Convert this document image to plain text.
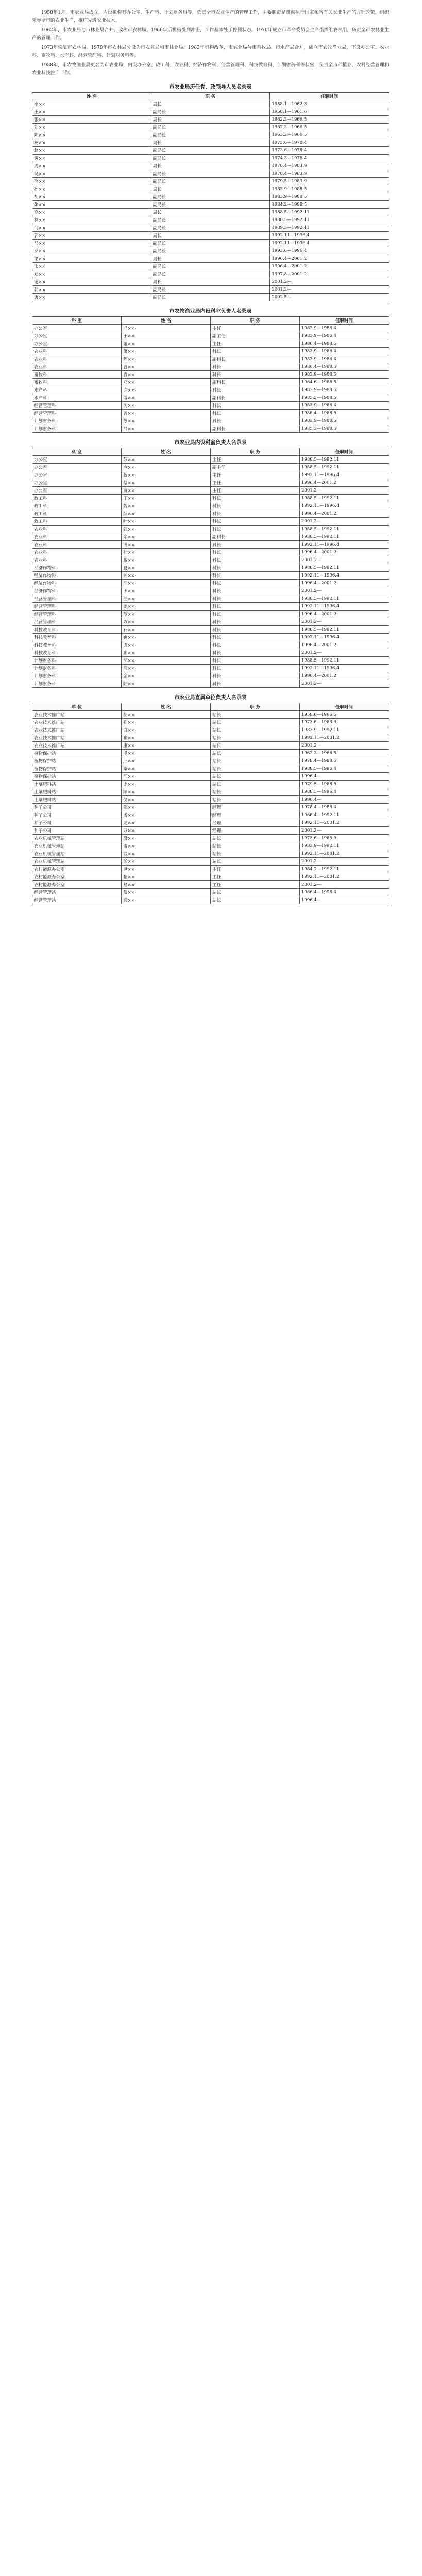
1958年1月，市农业局成立，内设机构有办公室、生产科、计划财务科等，负责全市农业生产的管理工作，主要职责是贯彻执行国家和省有关农业生产的方针政策，组织领导全市的农业生产，推广先进农业技术。

1962年，市农业局与市林业局合并，改称市农林局。1966年后机构受到冲击，工作基本处于停顿状态。1970年成立市革命委员会生产指挥组农林组，负责全市农林业生产的管理工作。

1973年恢复市农林局。1978年市农林局分设为市农业局和市林业局。1983年机构改革，市农业局与市畜牧局、市水产局合并，成立市农牧渔业局，下设办公室、农业科、畜牧科、水产科、经营管理科、计划财务科等。

1988年，市农牧渔业局更名为市农业局，内设办公室、政工科、农业科、经济作物科、经营管理科、科技教育科、计划财务科等科室，负责全市种植业、农村经营管理和农业科技推广工作。

市农业局历任党、政领导人员名录表
姓 名	职 务	任职时间
李××	局长	1958.1—1962.3
王××	副局长	1958.1—1961.6
张××	局长	1962.3—1966.5
刘××	副局长	1962.3—1966.5
陈××	副局长	1963.2—1966.5
杨××	局长	1973.6—1978.4
赵××	副局长	1973.6—1978.4
黄××	副局长	1974.3—1978.4
周××	局长	1978.4—1983.9
吴××	副局长	1978.4—1983.9
徐××	副局长	1979.5—1983.9
孙××	局长	1983.9—1988.5
胡××	副局长	1983.9—1988.5
朱××	副局长	1984.2—1988.5
高××	局长	1988.5—1992.11
林××	副局长	1988.5—1992.11
何××	副局长	1989.3—1992.11
郭××	局长	1992.11—1996.4
马××	副局长	1992.11—1996.4
罗××	副局长	1993.6—1996.4
梁××	局长	1996.4—2001.2
宋××	副局长	1996.4—2001.2
郑××	副局长	1997.8—2001.2
谢××	局长	2001.2—
韩××	副局长	2001.2—
唐××	副局长	2002.5—
市农牧渔业局内设科室负责人名录表
科 室	姓 名	职 务	任职时间
办公室	冯××	主任	1983.9—1986.4
办公室	于××	副主任	1983.9—1986.4
办公室	董××	主任	1986.4—1988.5
农业科	萧××	科长	1983.9—1986.4
农业科	程××	副科长	1983.9—1986.4
农业科	曹××	科长	1986.4—1988.5
畜牧科	袁××	科长	1983.9—1988.5
畜牧科	邓××	副科长	1984.6—1988.5
水产科	许××	科长	1983.9—1988.5
水产科	傅××	副科长	1985.3—1988.5
经营管理科	沈××	科长	1983.9—1986.4
经营管理科	曾××	科长	1986.4—1988.5
计划财务科	彭××	科长	1983.9—1988.5
计划财务科	吕××	副科长	1985.3—1988.5
市农业局内设科室负责人名录表
科 室	姓 名	职 务	任职时间
办公室	苏××	主任	1988.5—1992.11
办公室	卢××	副主任	1988.5—1992.11
办公室	蒋××	主任	1992.11—1996.4
办公室	蔡××	主任	1996.4—2001.2
办公室	贾××	主任	2001.2—
政工科	丁××	科长	1988.5—1992.11
政工科	魏××	科长	1992.11—1996.4
政工科	薛××	科长	1996.4—2001.2
政工科	叶××	科长	2001.2—
农业科	阎××	科长	1988.5—1992.11
农业科	余××	副科长	1988.5—1992.11
农业科	潘××	科长	1992.11—1996.4
农业科	杜××	科长	1996.4—2001.2
农业科	戴××	科长	2001.2—
经济作物科	夏××	科长	1988.5—1992.11
经济作物科	钟××	科长	1992.11—1996.4
经济作物科	汪××	科长	1996.4—2001.2
经济作物科	田××	科长	2001.2—
经营管理科	任××	科长	1988.5—1992.11
经营管理科	姜××	科长	1992.11—1996.4
经营管理科	范××	科长	1996.4—2001.2
经营管理科	方××	科长	2001.2—
科技教育科	石××	科长	1988.5—1992.11
科技教育科	姚××	科长	1992.11—1996.4
科技教育科	谭××	科长	1996.4—2001.2
科技教育科	廖××	科长	2001.2—
计划财务科	邹××	科长	1988.5—1992.11
计划财务科	熊××	科长	1992.11—1996.4
计划财务科	金××	科长	1996.4—2001.2
计划财务科	陆××	科长	2001.2—
市农业局直属单位负责人名录表
单 位	姓 名	职 务	任职时间
农业技术推广站	郝××	站长	1958.6—1966.5
农业技术推广站	孔××	站长	1973.6—1983.9
农业技术推广站	白××	站长	1983.9—1992.11
农业技术推广站	崔××	站长	1992.11—2001.2
农业技术推广站	康××	站长	2001.2—
植物保护站	毛××	站长	1962.3—1966.5
植物保护站	邱××	站长	1978.4—1988.5
植物保护站	秦××	站长	1988.5—1996.4
植物保护站	江××	站长	1996.4—
土壤肥料站	史××	站长	1979.5—1988.5
土壤肥料站	顾××	站长	1988.5—1996.4
土壤肥料站	侯××	站长	1996.4—
种子公司	邵××	经理	1978.4—1986.4
种子公司	孟××	经理	1986.4—1992.11
种子公司	龙××	经理	1992.11—2001.2
种子公司	万××	经理	2001.2—
农业机械管理站	段××	站长	1973.6—1983.9
农业机械管理站	雷××	站长	1983.9—1992.11
农业机械管理站	钱××	站长	1992.11—2001.2
农业机械管理站	汤××	站长	2001.2—
农村能源办公室	尹××	主任	1984.2—1992.11
农村能源办公室	黎××	主任	1992.11—2001.2
农村能源办公室	易××	主任	2001.2—
经营管理站	常××	站长	1986.4—1996.4
经营管理站	武××	站长	1996.4—
